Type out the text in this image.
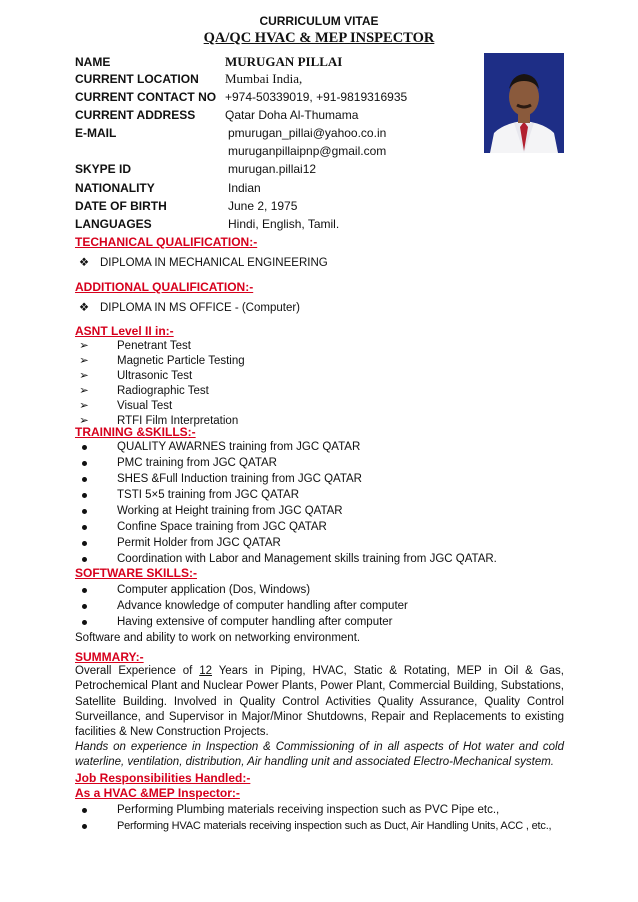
CURRICULUM VITAE
QA/QC HVAC & MEP INSPECTOR
NAME	MURUGAN PILLAI
CURRENT LOCATION Mumbai India,
CURRENT CONTACT NO +974-50339019, +91-9819316935
CURRENT ADDRESS Qatar Doha Al-Thumama
E-MAIL	pmurugan_pillai@yahoo.co.in
muruganpillaipnp@gmail.com
SKYPE ID	murugan.pillai12
NATIONALITY	Indian
DATE OF BIRTH	June 2, 1975
LANGUAGES	Hindi, English, Tamil.
TECHANICAL QUALIFICATION:-
❖ DIPLOMA IN MECHANICAL ENGINEERING
ADDITIONAL QUALIFICATION:-
❖ DIPLOMA IN MS OFFICE - (Computer)
ASNT Level II in:-
➢ Penetrant Test
➢ Magnetic Particle Testing
➢ Ultrasonic Test
➢ Radiographic Test
➢ Visual Test
➢ RTFI Film Interpretation
TRAINING &SKILLS:-
QUALITY AWARNES training from JGC QATAR
PMC training from JGC QATAR
SHES &Full Induction training from JGC QATAR
TSTI 5×5 training from JGC QATAR
Working at Height training from JGC QATAR
Confine Space training from JGC QATAR
Permit Holder from JGC QATAR
Coordination with Labor and Management skills training from JGC QATAR.
SOFTWARE SKILLS:-
Computer application (Dos, Windows)
Advance knowledge of computer handling after computer
Having extensive of computer handling after computer
Software and ability to work on networking environment.
SUMMARY:-
Overall Experience of 12 Years in Piping, HVAC, Static & Rotating, MEP in Oil & Gas, Petrochemical Plant and Nuclear Power Plants, Power Plant, Commercial Building, Substations, Satellite Building. Involved in Quality Control Activities Quality Assurance, Quality Control Surveillance, and Supervisor in Major/Minor Shutdowns, Repair and Replacements to existing facilities & New Construction Projects.
Hands on experience in Inspection & Commissioning of in all aspects of Hot water and cold waterline, ventilation, distribution, Air handling unit and associated Electro-Mechanical system.
Job Responsibilities Handled:-
As a HVAC &MEP Inspector:-
Performing Plumbing materials receiving inspection such as PVC Pipe etc.,
Performing HVAC materials receiving inspection such as Duct, Air Handling Units, ACC , etc.,
